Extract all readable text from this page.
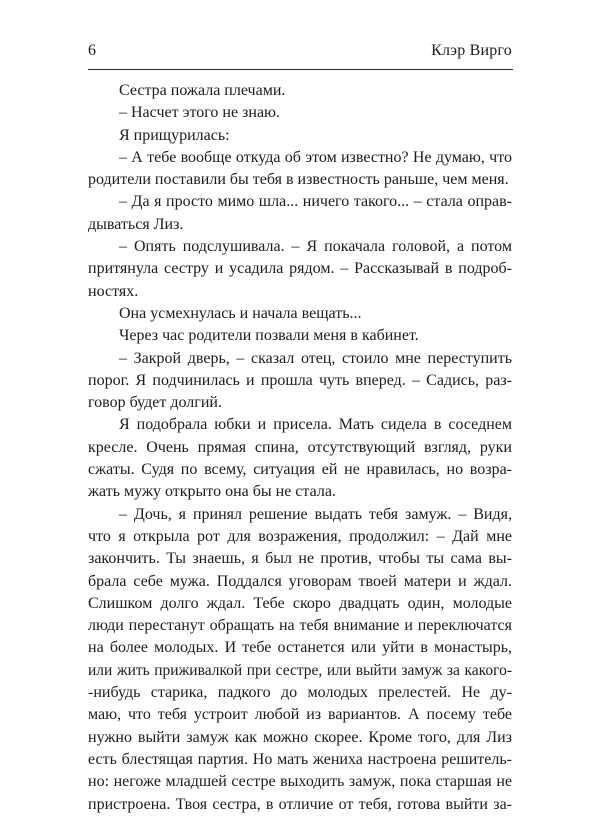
6	Клэр Вирго
Сестра пожала плечами.
– Насчет этого не знаю.
Я прищурилась:
– А тебе вообще откуда об этом известно? Не думаю, что
родители поставили бы тебя в известность раньше, чем меня.
– Да я просто мимо шла... ничего такого... – стала оправ-
дываться Лиз.
– Опять подслушивала. – Я покачала головой, а потом
притянула сестру и усадила рядом. – Рассказывай в подроб-
ностях.
Она усмехнулась и начала вещать...
Через час родители позвали меня в кабинет.
– Закрой дверь, – сказал отец, стоило мне переступить
порог. Я подчинилась и прошла чуть вперед. – Садись, раз-
говор будет долгий.
Я подобрала юбки и присела. Мать сидела в соседнем
кресле. Очень прямая спина, отсутствующий взгляд, руки
сжаты. Судя по всему, ситуация ей не нравилась, но возра-
жать мужу открыто она бы не стала.
– Дочь, я принял решение выдать тебя замуж. – Видя,
что я открыла рот для возражения, продолжил: – Дай мне
закончить. Ты знаешь, я был не против, чтобы ты сама вы-
брала себе мужа. Поддался уговорам твоей матери и ждал.
Слишком долго ждал. Тебе скоро двадцать один, молодые
люди перестанут обращать на тебя внимание и переключатся
на более молодых. И тебе останется или уйти в монастырь,
или жить приживалкой при сестре, или выйти замуж за какого-
-нибудь старика, падкого до молодых прелестей. Не ду-
маю, что тебя устроит любой из вариантов. А посему тебе
нужно выйти замуж как можно скорее. Кроме того, для Лиз
есть блестящая партия. Но мать жениха настроена решитель-
но: негоже младшей сестре выходить замуж, пока старшая не
пристроена. Твоя сестра, в отличие от тебя, готова выйти за-
